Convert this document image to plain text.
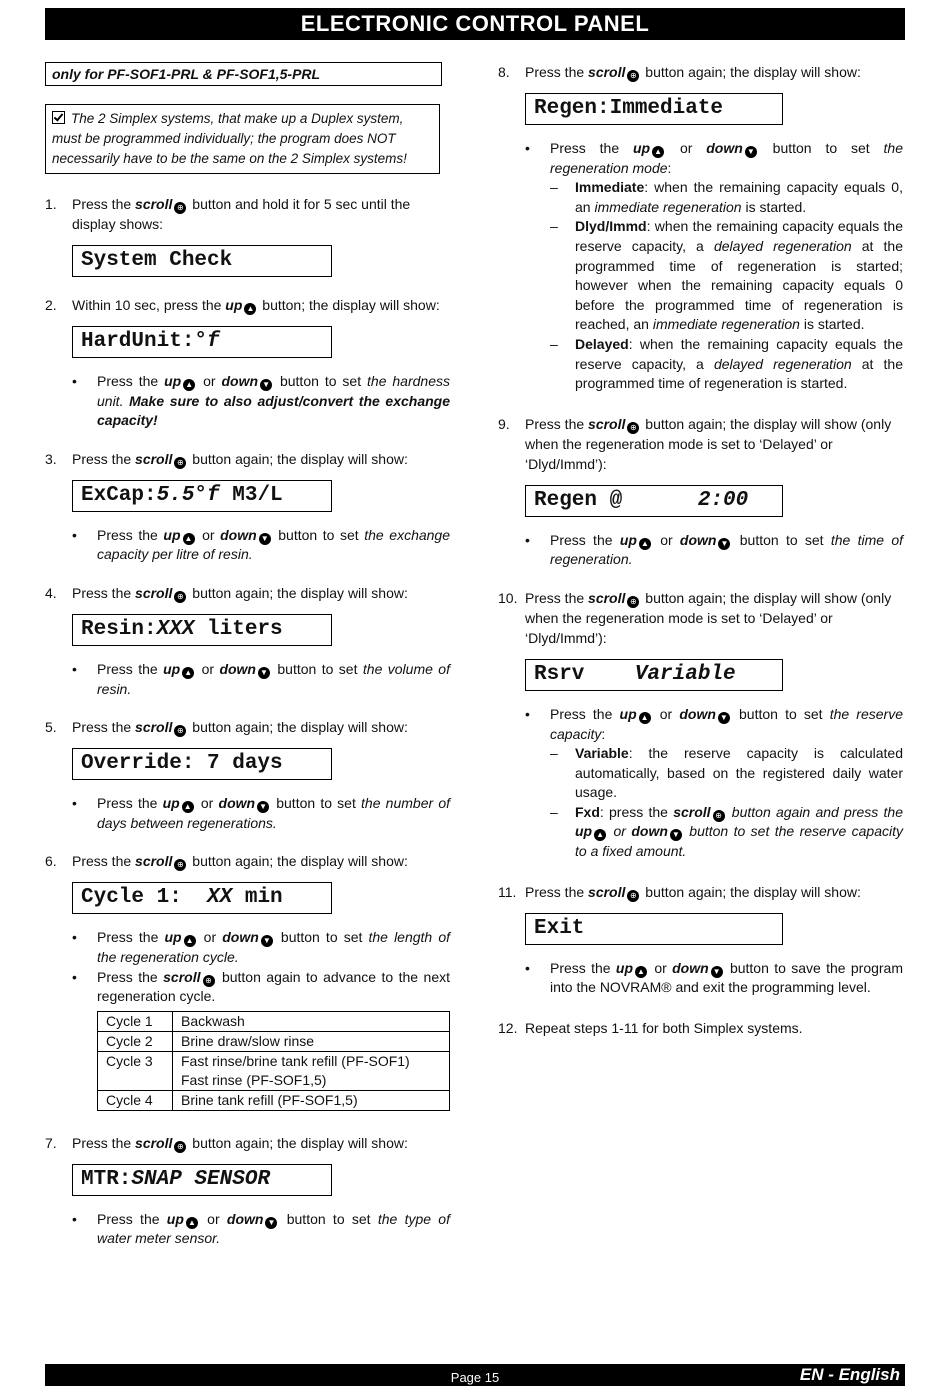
ELECTRONIC CONTROL PANEL
only for PF-SOF1-PRL & PF-SOF1,5-PRL
The 2 Simplex systems, that make up a Duplex system, must be programmed individually; the program does NOT necessarily have to be the same on the 2 Simplex systems!
1. Press the scroll ⊕ button and hold it for 5 sec until the display shows:
System Check
2. Within 10 sec, press the up ▲ button; the display will show:
HardUnit:°f
• Press the up ▲ or down ▼ button to set the hardness unit. Make sure to also adjust/convert the exchange capacity!
3. Press the scroll ⊕ button again; the display will show:
ExCap:5.5°f M3/L
• Press the up ▲ or down ▼ button to set the exchange capacity per litre of resin.
4. Press the scroll ⊕ button again; the display will show:
Resin:XXX liters
• Press the up ▲ or down ▼ button to set the volume of resin.
5. Press the scroll ⊕ button again; the display will show:
Override: 7 days
• Press the up ▲ or down ▼ button to set the number of days between regenerations.
6. Press the scroll ⊕ button again; the display will show:
Cycle 1:  XX min
• Press the up ▲ or down ▼ button to set the length of the regeneration cycle.
• Press the scroll ⊕ button again to advance to the next regeneration cycle.
Cycle 1	Backwash
Cycle 2	Brine draw/slow rinse
Cycle 3	Fast rinse/brine tank refill (PF-SOF1)
Fast rinse (PF-SOF1,5)

Cycle 4	Brine tank refill (PF-SOF1,5)
7. Press the scroll ⊕ button again; the display will show:
MTR:SNAP SENSOR
• Press the up ▲ or down ▼ button to set the type of water meter sensor.
8. Press the scroll ⊕ button again; the display will show:
Regen:Immediate
• Press the up ▲ or down ▼ button to set the regeneration mode:
– Immediate: when the remaining capacity equals 0, an immediate regeneration is started.
– Dlyd/Immd: when the remaining capacity equals the reserve capacity, a delayed regeneration at the programmed time of regeneration is started; however when the remaining capacity equals 0 before the programmed time of regeneration is reached, an immediate regeneration is started.
– Delayed: when the remaining capacity equals the reserve capacity, a delayed regeneration at the programmed time of regeneration is started.
9. Press the scroll ⊕ button again; the display will show (only when the regeneration mode is set to ‘Delayed’ or ‘Dlyd/Immd’):
Regen @      2:00
• Press the up ▲ or down ▼ button to set the time of regeneration.
10. Press the scroll ⊕ button again; the display will show (only when the regeneration mode is set to ‘Delayed’ or ‘Dlyd/Immd’):
Rsrv    Variable
• Press the up ▲ or down ▼ button to set the reserve capacity:
– Variable: the reserve capacity is calculated automatically, based on the registered daily water usage.
– Fxd: press the scroll ⊕ button again and press the up ▲ or down ▼ button to set the reserve capacity to a fixed amount.
11. Press the scroll ⊕ button again; the display will show:
Exit
• Press the up ▲ or down ▼ button to save the program into the NOVRAM® and exit the programming level.
12. Repeat steps 1-11 for both Simplex systems.
Page 15	EN - English
